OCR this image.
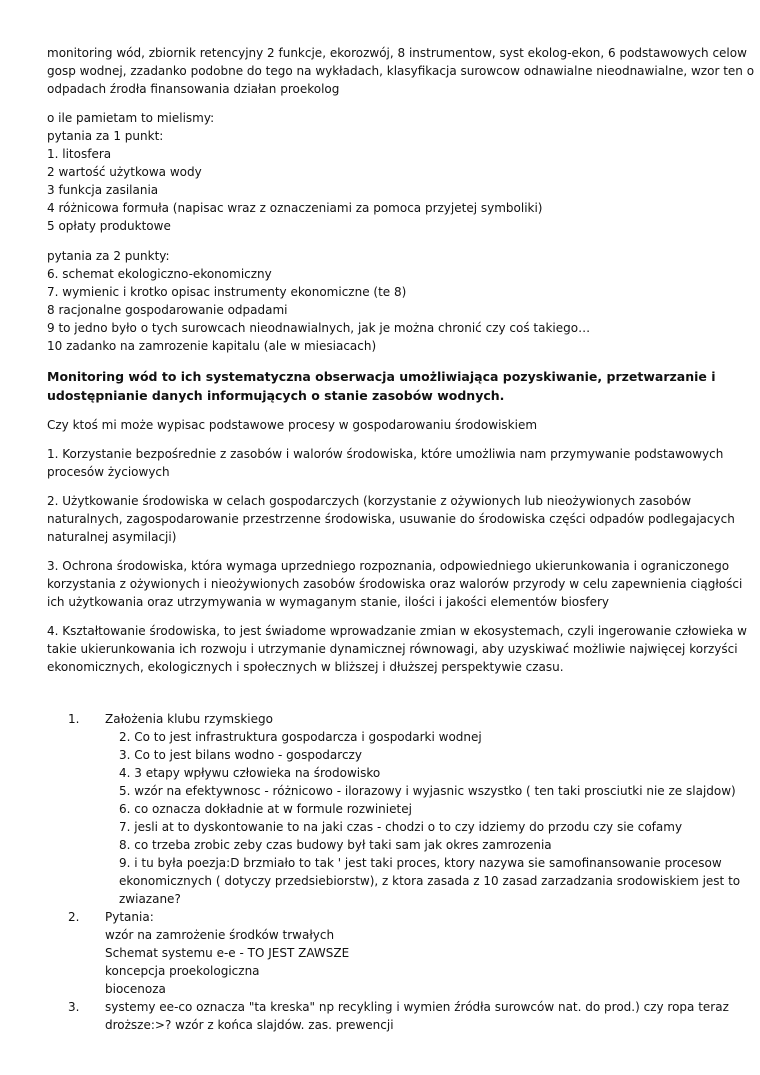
monitoring wód, zbiornik retencyjny 2 funkcje, ekorozwój, 8 instrumentow, syst ekolog-ekon, 6 podstawowych celow
gosp wodnej, zzadanko podobne do tego na wykładach, klasyfikacja surowcow odnawialne nieodnawialne, wzor ten o
odpadach źrodła finansowania działan proekolog
o ile pamietam to mielismy:
pytania za 1 punkt:
1. litosfera
2 wartość użytkowa wody
3 funkcja zasilania
4 różnicowa formuła (napisac wraz z oznaczeniami za pomoca przyjetej symboliki)
5 opłaty produktowe
pytania za 2 punkty:
6. schemat ekologiczno-ekonomiczny
7. wymienic i krotko opisac instrumenty ekonomiczne (te 8)
8 racjonalne gospodarowanie odpadami
9 to jedno było o tych surowcach nieodnawialnych, jak je można chronić czy coś takiego…
10 zadanko na zamrozenie kapitalu (ale w miesiacach)
Monitoring wód to ich systematyczna obserwacja umożliwiająca pozyskiwanie, przetwarzanie i
udostępnianie danych informujących o stanie zasobów wodnych.
Czy ktoś mi może wypisac podstawowe procesy w gospodarowaniu środowiskiem
1. Korzystanie bezpośrednie z zasobów i walorów środowiska, które umożliwia nam przymywanie podstawowych
procesów życiowych
2. Użytkowanie środowiska w celach gospodarczych (korzystanie z ożywionych lub nieożywionych zasobów
naturalnych, zagospodarowanie przestrzenne środowiska, usuwanie do środowiska części odpadów podlegajacych
naturalnej asymilacji)
3. Ochrona środowiska, która wymaga uprzedniego rozpoznania, odpowiedniego ukierunkowania i ograniczonego
korzystania z ożywionych i nieożywionych zasobów środowiska oraz walorów przyrody w celu zapewnienia ciągłości
ich użytkowania oraz utrzymywania w wymaganym stanie, ilości i jakości elementów biosfery
4. Kształtowanie środowiska, to jest świadome wprowadzanie zmian w ekosystemach, czyli ingerowanie człowieka w
takie ukierunkowania ich rozwoju i utrzymanie dynamicznej równowagi, aby uzyskiwać możliwie najwięcej korzyści
ekonomicznych, ekologicznych i społecznych w bliższej i dłuższej perspektywie czasu.
1. Założenia klubu rzymskiego
2. Co to jest infrastruktura gospodarcza i gospodarki wodnej
3. Co to jest bilans wodno - gospodarczy
4. 3 etapy wpływu człowieka na środowisko
5. wzór na efektywnosc - różnicowo - ilorazowy i wyjasnic wszystko ( ten taki prosciutki nie ze slajdow)
6. co oznacza dokładnie at w formule rozwinietej
7. jesli at to dyskontowanie to na jaki czas - chodzi o to czy idziemy do przodu czy sie cofamy
8. co trzeba zrobic zeby czas budowy był taki sam jak okres zamrozenia
9. i tu była poezja:D brzmiało to tak ' jest taki proces, ktory nazywa sie samofinansowanie procesow
ekonomicznych ( dotyczy przedsiebiorstw), z ktora zasada z 10 zasad zarzadzania srodowiskiem jest to
zwiazane?
2. Pytania:
wzór na zamrożenie środków trwałych
Schemat systemu e-e - TO JEST ZAWSZE
koncepcja proekologiczna
biocenoza
3. systemy ee-co oznacza "ta kreska" np recykling i wymien źródła surowców nat. do prod.) czy ropa teraz
droższe:>? wzór z końca slajdów. zas. prewencji
